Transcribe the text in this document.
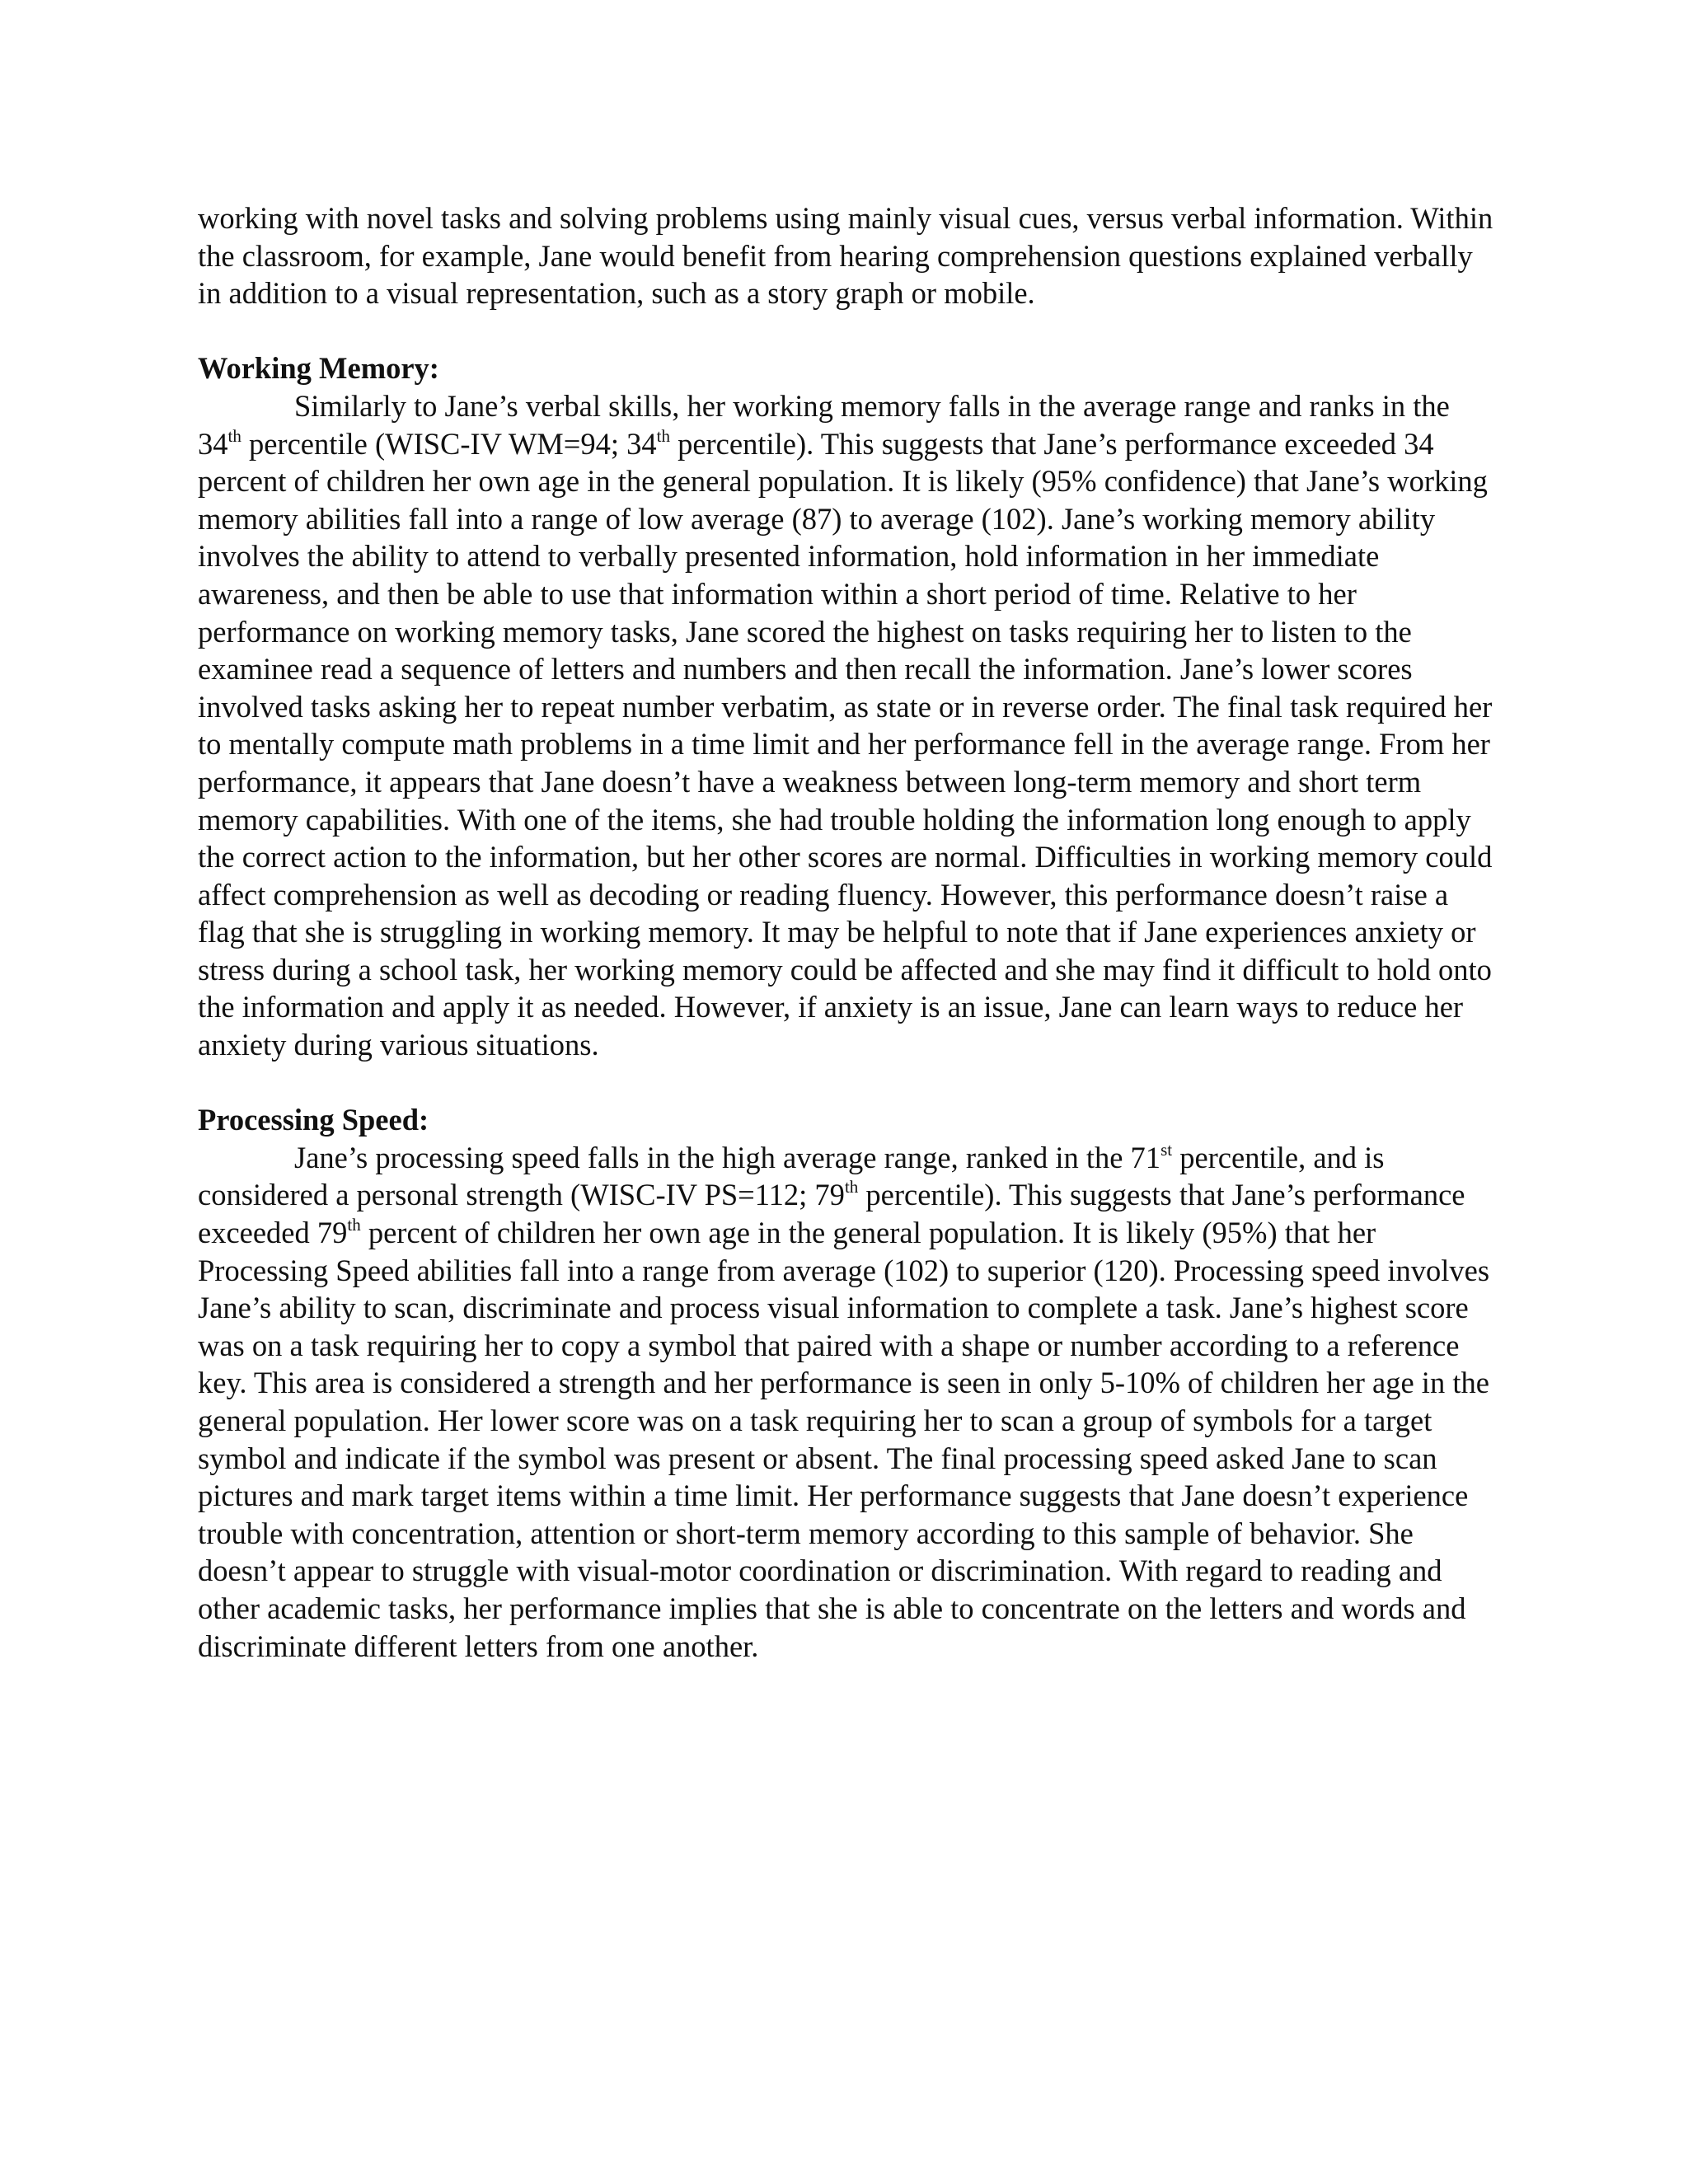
working with novel tasks and solving problems using mainly visual cues, versus verbal information. Within the classroom, for example, Jane would benefit from hearing comprehension questions explained verbally in addition to a visual representation, such as a story graph or mobile.

Working Memory:

Similarly to Jane’s verbal skills, her working memory falls in the average range and ranks in the 34th percentile (WISC-IV WM=94; 34th percentile). This suggests that Jane’s performance exceeded 34 percent of children her own age in the general population. It is likely (95% confidence) that Jane’s working memory abilities fall into a range of low average (87) to average (102). Jane’s working memory ability involves the ability to attend to verbally presented information, hold information in her immediate awareness, and then be able to use that information within a short period of time. Relative to her performance on working memory tasks, Jane scored the highest on tasks requiring her to listen to the examinee read a sequence of letters and numbers and then recall the information. Jane’s lower scores involved tasks asking her to repeat number verbatim, as state or in reverse order. The final task required her to mentally compute math problems in a time limit and her performance fell in the average range. From her performance, it appears that Jane doesn’t have a weakness between long-term memory and short term memory capabilities. With one of the items, she had trouble holding the information long enough to apply the correct action to the information, but her other scores are normal. Difficulties in working memory could affect comprehension as well as decoding or reading fluency. However, this performance doesn’t raise a flag that she is struggling in working memory. It may be helpful to note that if Jane experiences anxiety or stress during a school task, her working memory could be affected and she may find it difficult to hold onto the information and apply it as needed. However, if anxiety is an issue, Jane can learn ways to reduce her anxiety during various situations.

Processing Speed:

Jane’s processing speed falls in the high average range, ranked in the 71st percentile, and is considered a personal strength (WISC-IV PS=112; 79th percentile). This suggests that Jane’s performance exceeded 79th percent of children her own age in the general population. It is likely (95%) that her Processing Speed abilities fall into a range from average (102) to superior (120). Processing speed involves Jane’s ability to scan, discriminate and process visual information to complete a task. Jane’s highest score was on a task requiring her to copy a symbol that paired with a shape or number according to a reference key. This area is considered a strength and her performance is seen in only 5-10% of children her age in the general population. Her lower score was on a task requiring her to scan a group of symbols for a target symbol and indicate if the symbol was present or absent. The final processing speed asked Jane to scan pictures and mark target items within a time limit. Her performance suggests that Jane doesn’t experience trouble with concentration, attention or short-term memory according to this sample of behavior. She doesn’t appear to struggle with visual-motor coordination or discrimination. With regard to reading and other academic tasks, her performance implies that she is able to concentrate on the letters and words and discriminate different letters from one another.
